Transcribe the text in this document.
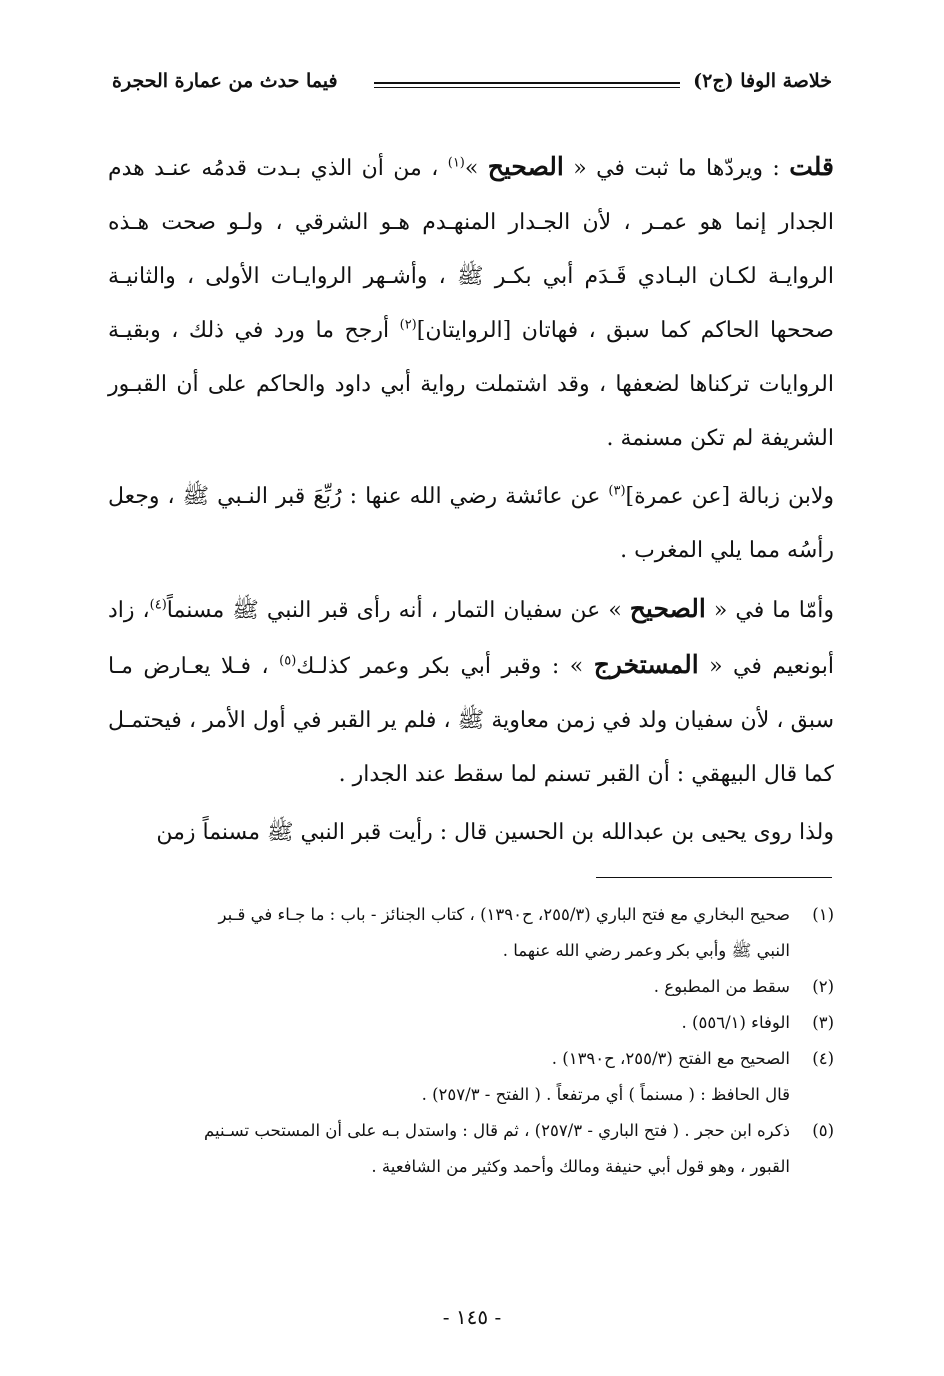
خلاصة الوفا (ج٢)
فيما حدث من عمارة الحجرة

قلت : ويردّها ما ثبت في « الصحيح »$^{(١)}$ ، من أن الذي بـدت قدمُه عنـد هدم الجدار إنما هو عمـر ، لأن الجـدار المنهـدم هـو الشرقي ، ولـو صحت هـذه الروايـة لكـان البـادي قَـدَم أبي بكـر ﷺ ، وأشـهر الروايـات الأولى ، والثانيـة صححها الحاكم كما سبق ، فهاتان [الروايتان]$^{(٢)}$ أرجح ما ورد في ذلك ، وبقيـة الروايات تركناها لضعفها ، وقد اشتملت رواية أبي داود والحاكم على أن القبـور الشريفة لم تكن مسنمة .

ولابن زبالة [عن عمرة]$^{(٣)}$ عن عائشة رضي الله عنها : رُبِّعَ قبر النـبي ﷺ ، وجعل رأسُه مما يلي المغرب .

وأمّا ما في « الصحيح » عن سفيان التمار ، أنه رأى قبر النبي ﷺ مسنماً$^{(٤)}$، زاد أبونعيم في « المستخرج » : وقبر أبي بكر وعمر كذلـك$^{(٥)}$ ، فـلا يعـارض مـا سبق ، لأن سفيان ولد في زمن معاوية ﷺ ، فلم ير القبر في أول الأمر ، فيحتمـل كما قال البيهقي : أن القبر تسنم لما سقط عند الجدار .

ولذا روى يحيى بن عبدالله بن الحسين قال : رأيت قبر النبي ﷺ مسنماً زمن

(١)
صحيح البخاري مع فتح الباري (٢٥٥/٣، ح١٣٩٠) ، كتاب الجنائز - باب : ما جـاء في قـبر
النبي ﷺ وأبي بكر وعمر رضي الله عنهما .
(٢)
سقط من المطبوع .
(٣)
الوفاء (٥٥٦/١) .
(٤)
الصحيح مع الفتح (٢٥٥/٣، ح١٣٩٠) .
قال الحافظ : ( مسنماً ) أي مرتفعاً . ( الفتح - ٢٥٧/٣) .
(٥)
ذكره ابن حجر . ( فتح الباري - ٢٥٧/٣) ، ثم قال : واستدل بـه على أن المستحب تسـنيم
القبور ، وهو قول أبي حنيفة ومالك وأحمد وكثير من الشافعية .
- ١٤٥ -
